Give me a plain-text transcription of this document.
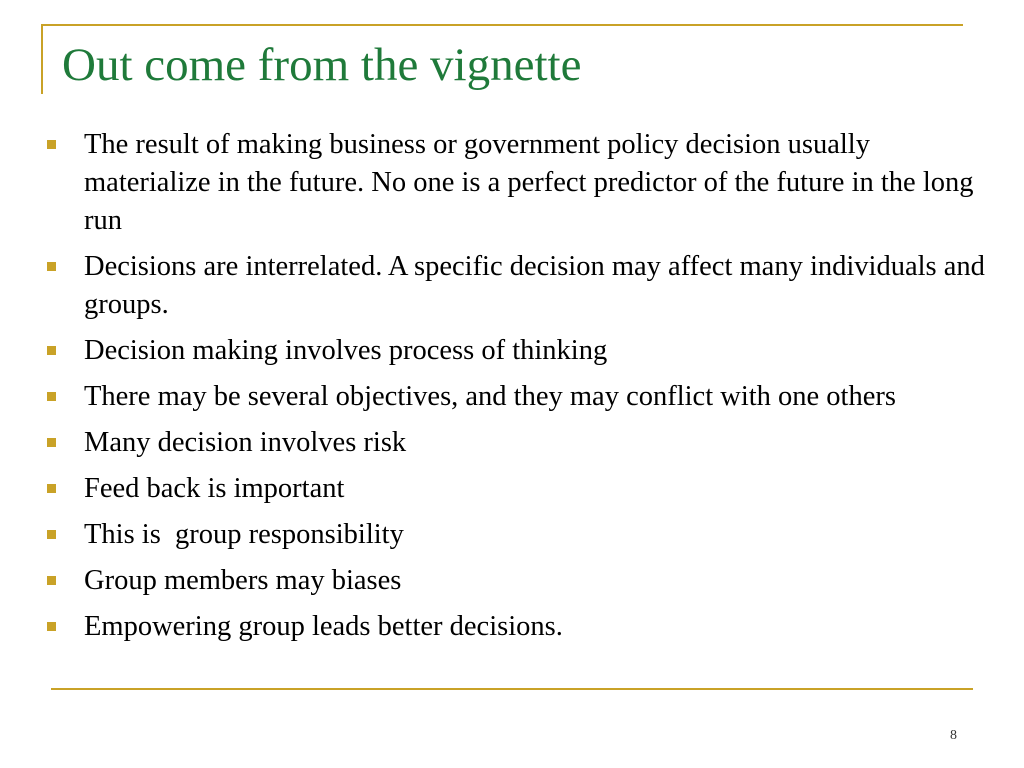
Out come from the vignette
The result of making business or government policy decision usually materialize in the future. No one is a perfect predictor of the future in the long run
Decisions are interrelated. A specific decision may affect many individuals and groups.
Decision making involves process of thinking
There may be several objectives, and they may conflict with one others
Many decision involves risk
Feed back is important
This is  group responsibility
Group members may biases
Empowering group leads better decisions.
8
